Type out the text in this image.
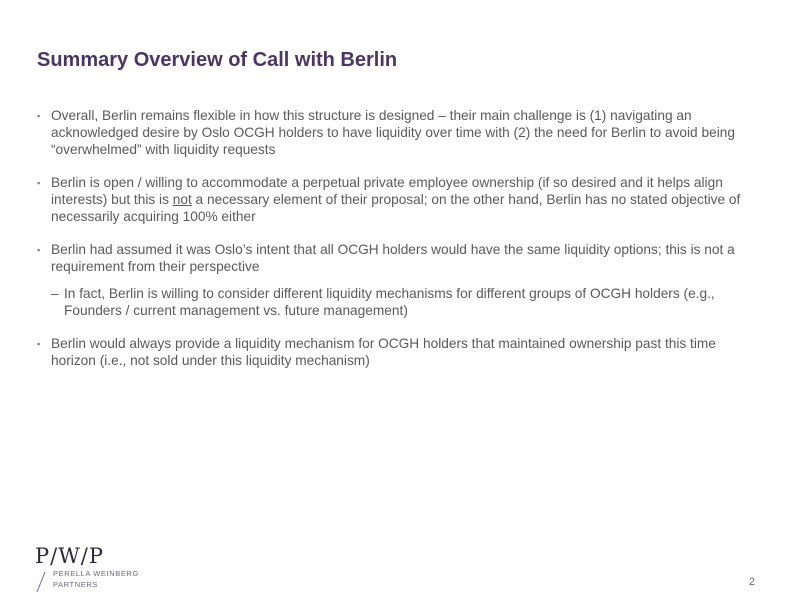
Summary Overview of Call with Berlin
▪ Overall, Berlin remains flexible in how this structure is designed – their main challenge is (1) navigating an acknowledged desire by Oslo OCGH holders to have liquidity over time with (2) the need for Berlin to avoid being “overwhelmed” with liquidity requests
▪ Berlin is open / willing to accommodate a perpetual private employee ownership (if so desired and it helps align interests) but this is not a necessary element of their proposal; on the other hand, Berlin has no stated objective of necessarily acquiring 100% either
▪ Berlin had assumed it was Oslo’s intent that all OCGH holders would have the same liquidity options; this is not a requirement from their perspective
– In fact, Berlin is willing to consider different liquidity mechanisms for different groups of OCGH holders (e.g., Founders / current management vs. future management)
▪ Berlin would always provide a liquidity mechanism for OCGH holders that maintained ownership past this time horizon (i.e., not sold under this liquidity mechanism)
P/W/P
PERELLA WEINBERG
PARTNERS	2
